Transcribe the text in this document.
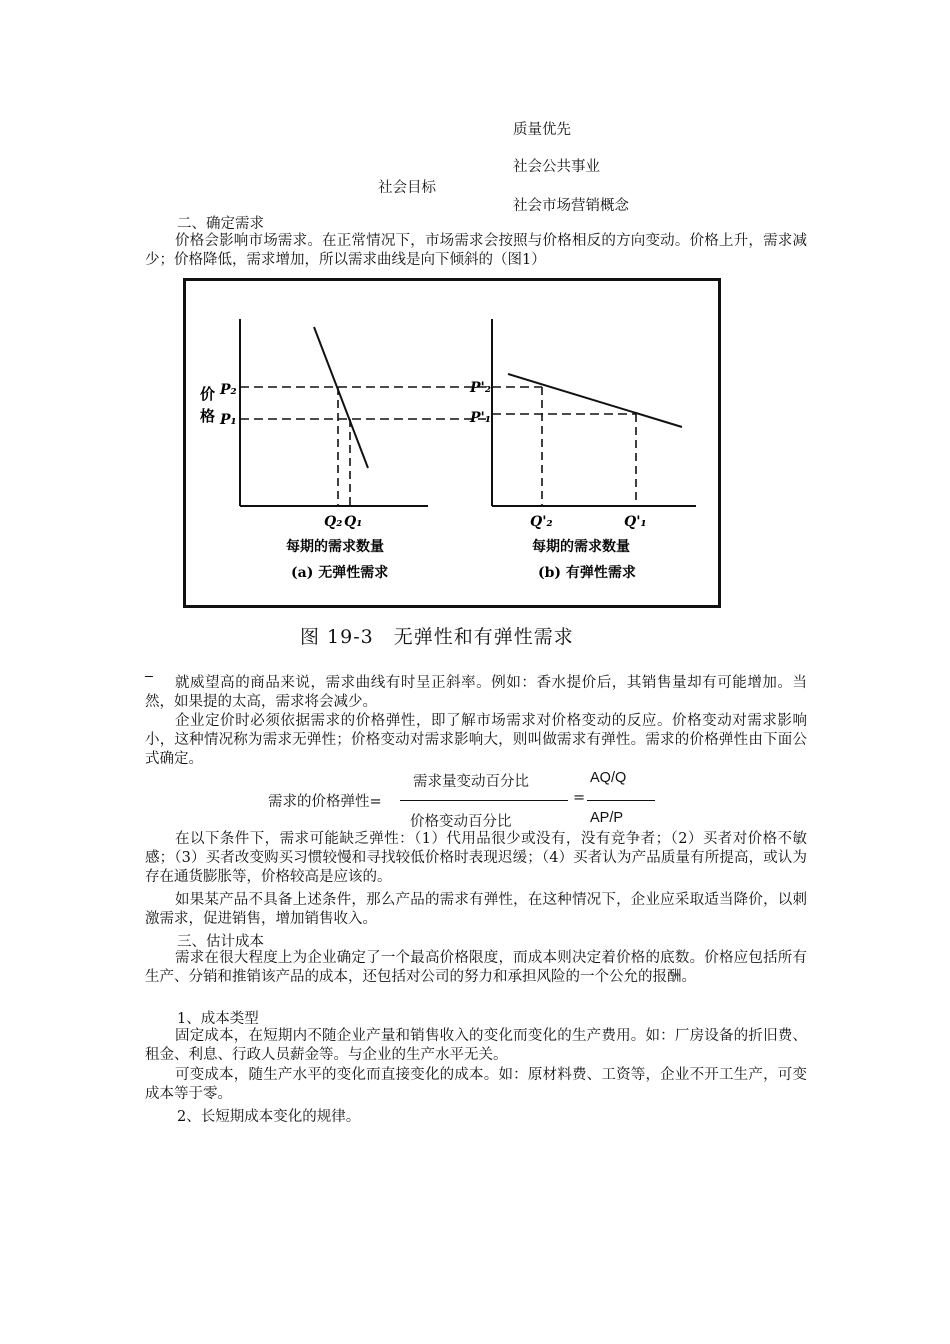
质量优先
社会公共事业
社会目标
社会市场营销概念
二、确定需求
价格会影响市场需求。在正常情况下，市场需求会按照与价格相反的方向变动。价格上升，需求减少；价格降低，需求增加，所以需求曲线是向下倾斜的（图1）
价
格
P₂
P₁
Q₂ Q₁
每期的需求数量
(a) 无弹性需求
P'₂
P'₁
Q'₂	Q'₁
每期的需求数量
(b) 有弹性需求
图 19-3　无弹性和有弹性需求
就威望高的商品来说，需求曲线有时呈正斜率。例如：香水提价后，其销售量却有可能增加。当然，如果提的太高，需求将会减少。
企业定价时必须依据需求的价格弹性，即了解市场需求对价格变动的反应。价格变动对需求影响小，这种情况称为需求无弹性；价格变动对需求影响大，则叫做需求有弹性。需求的价格弹性由下面公式确定。
需求的价格弹性=
需求量变动百分比
价格变动百分比
=
AQ/Q
AP/P
在以下条件下，需求可能缺乏弹性：（1）代用品很少或没有，没有竞争者；（2）买者对价格不敏感；（3）买者改变购买习惯较慢和寻找较低价格时表现迟缓；（4）买者认为产品质量有所提高，或认为存在通货膨胀等，价格较高是应该的。
如果某产品不具备上述条件，那么产品的需求有弹性，在这种情况下，企业应采取适当降价，以刺激需求，促进销售，增加销售收入。
三、估计成本
需求在很大程度上为企业确定了一个最高价格限度，而成本则决定着价格的底数。价格应包括所有生产、分销和推销该产品的成本，还包括对公司的努力和承担风险的一个公允的报酬。
1、成本类型
固定成本，在短期内不随企业产量和销售收入的变化而变化的生产费用。如：厂房设备的折旧费、租金、利息、行政人员薪金等。与企业的生产水平无关。
可变成本，随生产水平的变化而直接变化的成本。如：原材料费、工资等，企业不开工生产，可变成本等于零。
2、长短期成本变化的规律。
